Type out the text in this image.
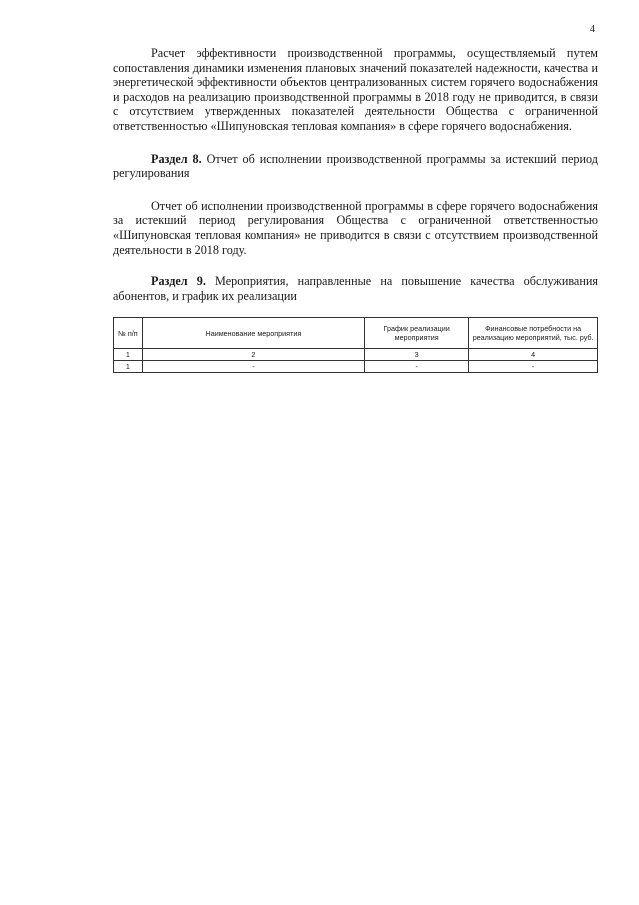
4

Расчет эффективности производственной программы, осуществляемый путем сопоставления динамики изменения плановых значений показателей надежности, качества и энергетической эффективности объектов централизованных систем горячего водоснабжения и расходов на реализацию производственной программы в 2018 году не приводится, в связи с отсутствием утвержденных показателей деятельности Общества с ограниченной ответственностью «Шипуновская тепловая компания» в сфере горячего водоснабжения.

Раздел 8. Отчет об исполнении производственной программы за истекший период регулирования

Отчет об исполнении производственной программы в сфере горячего водоснабжения за истекший период регулирования Общества с ограниченной ответственностью «Шипуновская тепловая компания» не приводится в связи с отсутствием производственной деятельности в 2018 году.

Раздел 9. Мероприятия, направленные на повышение качества обслуживания абонентов, и график их реализации

№ п/п	Наименование мероприятия	График реализации мероприятия	Финансовые потребности на реализацию мероприятий, тыс. руб.
1	2	3	4
1	-	-	-
.
